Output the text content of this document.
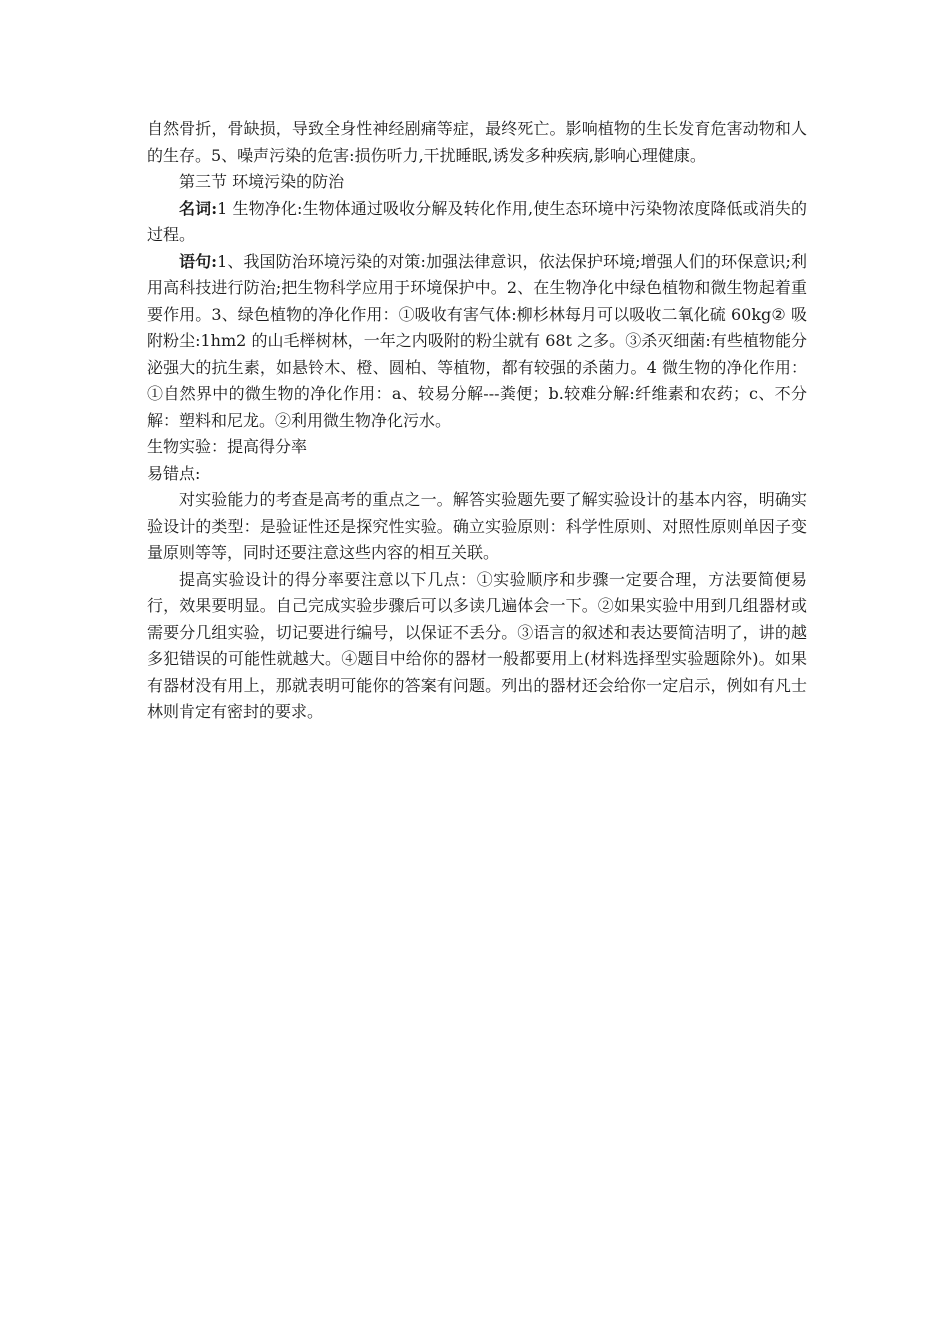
自然骨折，骨缺损，导致全身性神经剧痛等症，最终死亡。影响植物的生长发育危害动物和人的生存。5、噪声污染的危害:损伤听力,干扰睡眠,诱发多种疾病,影响心理健康。

第三节 环境污染的防治

名词:1 生物净化:生物体通过吸收分解及转化作用,使生态环境中污染物浓度降低或消失的过程。

语句:1、我国防治环境污染的对策:加强法律意识，依法保护环境;增强人们的环保意识;利用高科技进行防治;把生物科学应用于环境保护中。2、在生物净化中绿色植物和微生物起着重要作用。3、绿色植物的净化作用：①吸收有害气体:柳杉林每月可以吸收二氧化硫 60kg② 吸附粉尘:1hm2 的山毛榉树林，一年之内吸附的粉尘就有 68t 之多。③杀灭细菌:有些植物能分泌强大的抗生素，如悬铃木、橙、圆柏、等植物，都有较强的杀菌力。4 微生物的净化作用：①自然界中的微生物的净化作用：a、较易分解---粪便；b.较难分解:纤维素和农药；c、不分解：塑料和尼龙。②利用微生物净化污水。

生物实验：提高得分率

易错点:

对实验能力的考查是高考的重点之一。解答实验题先要了解实验设计的基本内容，明确实验设计的类型：是验证性还是探究性实验。确立实验原则：科学性原则、对照性原则单因子变量原则等等，同时还要注意这些内容的相互关联。

提高实验设计的得分率要注意以下几点：①实验顺序和步骤一定要合理，方法要简便易行，效果要明显。自己完成实验步骤后可以多读几遍体会一下。②如果实验中用到几组器材或需要分几组实验，切记要进行编号，以保证不丢分。③语言的叙述和表达要简洁明了，讲的越多犯错误的可能性就越大。④题目中给你的器材一般都要用上(材料选择型实验题除外)。如果有器材没有用上，那就表明可能你的答案有问题。列出的器材还会给你一定启示，例如有凡士林则肯定有密封的要求。
